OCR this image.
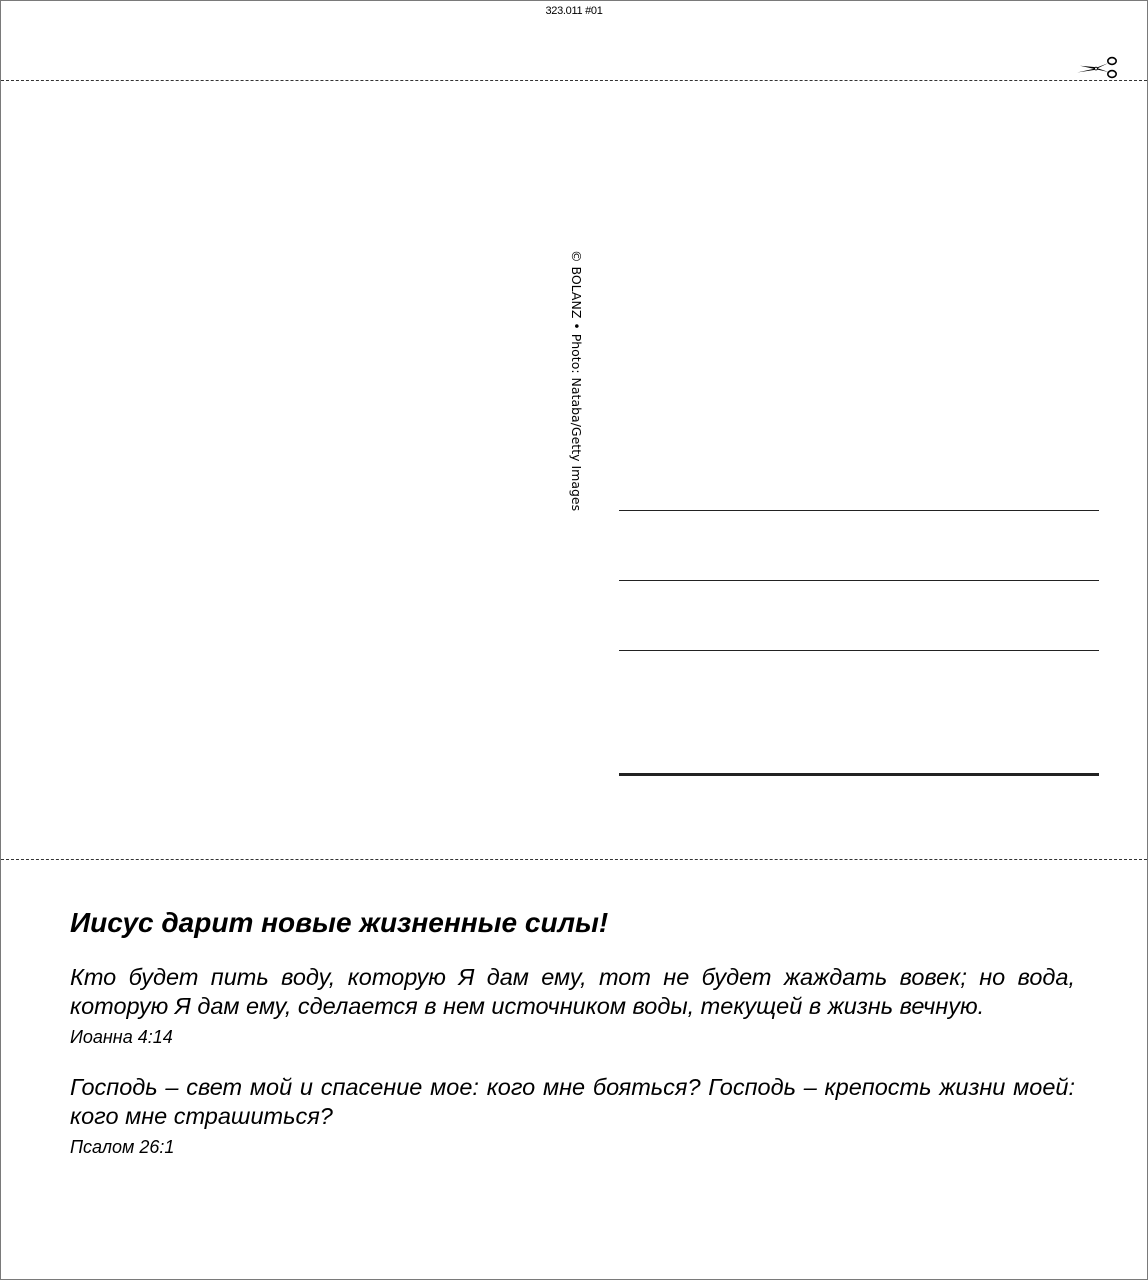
323.011 #01
© BOLANZ • Photo: Nataba/Getty Images
Иисус дарит новые жизненные силы!

Кто будет пить воду, которую Я дам ему, тот не будет жаждать вовек; но вода, которую Я дам ему, сделается в нем источником воды, текущей в жизнь вечную.

Иоанна 4:14

Господь – свет мой и спасение мое: кого мне бояться? Господь – крепость жизни моей: кого мне страшиться?

Псалом 26:1
